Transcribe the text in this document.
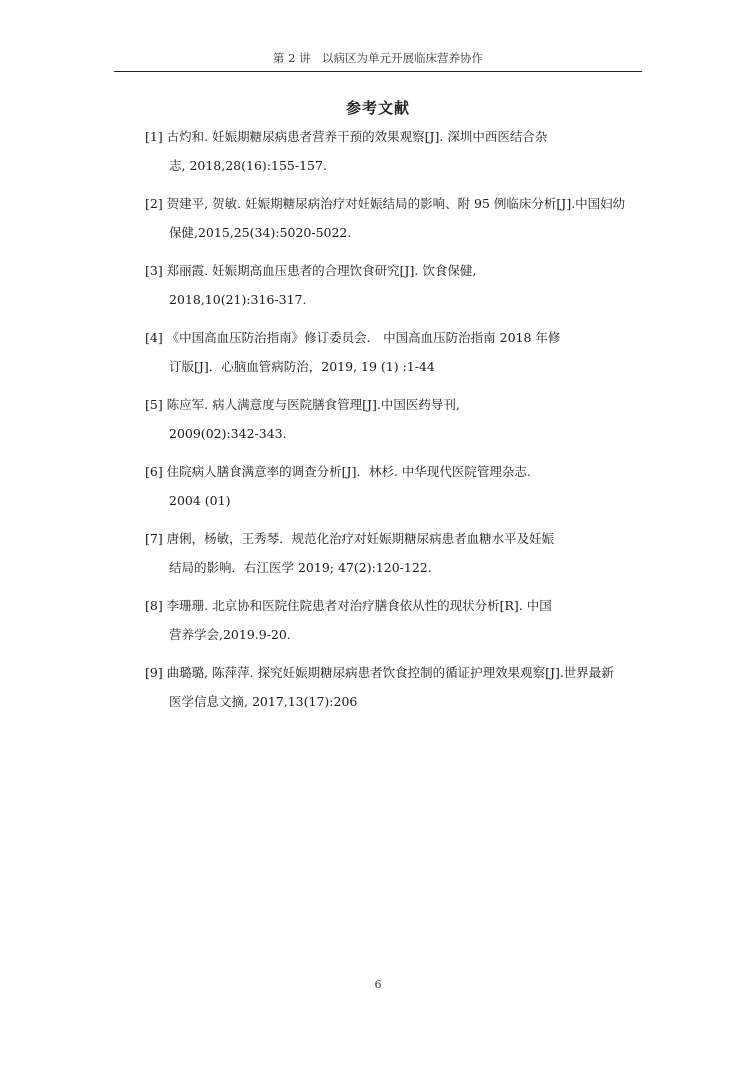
第 2 讲　以病区为单元开展临床营养协作
参考文献
[1] 古灼和. 妊娠期糖尿病患者营养干预的效果观察[J]. 深圳中西医结合杂
志, 2018,28(16):155-157.
[2] 贺建平, 贺敏. 妊娠期糖尿病治疗对妊娠结局的影响、附 95 例临床分析[J].中国妇幼
保健,2015,25(34):5020-5022.
[3] 郑丽霞. 妊娠期高血压患者的合理饮食研究[J]. 饮食保健,
2018,10(21):316-317.
[4] 《中国高血压防治指南》修订委员会． 中国高血压防治指南 2018 年修
订版[J]．心脑血管病防治，2019, 19 (1) :1-44
[5] 陈应军. 病人满意度与医院膳食管理[J].中国医药导刊,
2009(02):342-343.
[6] 住院病人膳食满意率的调查分析[J]．林杉. 中华现代医院管理杂志.
2004 (01)
[7] 唐俐，杨敏，王秀琴．规范化治疗对妊娠期糖尿病患者血糖水平及妊娠
结局的影响．右江医学 2019; 47(2):120-122.
[8] 李珊珊. 北京协和医院住院患者对治疗膳食依从性的现状分析[R]. 中国
营养学会,2019.9-20.
[9] 曲璐璐, 陈萍萍. 探究妊娠期糖尿病患者饮食控制的循证护理效果观察[J].世界最新
医学信息文摘, 2017,13(17):206
6
